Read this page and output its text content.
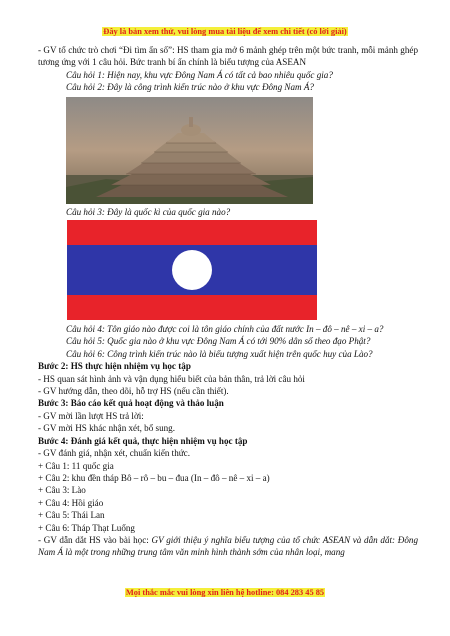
Đây là bản xem thử, vui lòng mua tài liệu để xem chi tiết (có lời giải)
- GV tổ chức trò chơi “Đi tìm ẩn số”: HS tham gia mở 6 mảnh ghép trên một bức tranh, mỗi mảnh ghép tương ứng với 1 câu hỏi. Bức tranh bí ẩn chính là biểu tượng của ASEAN
Câu hỏi 1: Hiện nay, khu vực Đông Nam Á có tất cả bao nhiêu quốc gia?
Câu hỏi 2: Đây là công trình kiến trúc nào ở khu vực Đông Nam Á?
Câu hỏi 3: Đây là quốc kì của quốc gia nào?
Câu hỏi 4: Tôn giáo nào được coi là tôn giáo chính của đất nước In – đô – nê – xi – a?
Câu hỏi 5: Quốc gia nào ở khu vực Đông Nam Á có tới 90% dân số theo đạo Phật?
Câu hỏi 6: Công trình kiến trúc nào là biểu tượng xuất hiện trên quốc huy của Lào?
Bước 2: HS thực hiện nhiệm vụ học tập
- HS quan sát hình ảnh và vận dụng hiểu biết của bản thân, trả lời câu hỏi
- GV hướng dẫn, theo dõi, hỗ trợ HS (nếu cần thiết).
Bước 3: Báo cáo kết quả hoạt động và thảo luận
- GV mời lần lượt HS trả lời:
- GV mời HS khác nhận xét, bổ sung.
Bước 4: Đánh giá kết quả, thực hiện nhiệm vụ học tập
- GV đánh giá, nhận xét, chuẩn kiến thức.
+ Câu 1: 11 quốc gia
+ Câu 2: khu đền tháp Bô – rô – bu – đua (In – đô – nê – xi – a)
+ Câu 3: Lào
+ Câu 4: Hồi giáo
+ Câu 5: Thái Lan
+ Câu 6: Tháp Thạt Luổng
- GV dẫn dắt HS vào bài học: GV giới thiệu ý nghĩa biểu tượng của tổ chức ASEAN và dẫn dắt: Đông Nam Á là một trong những trung tâm văn minh hình thành sớm của nhân loại, mang
Mọi thắc mắc vui lòng xin liên hệ hotline: 084 283 45 85
